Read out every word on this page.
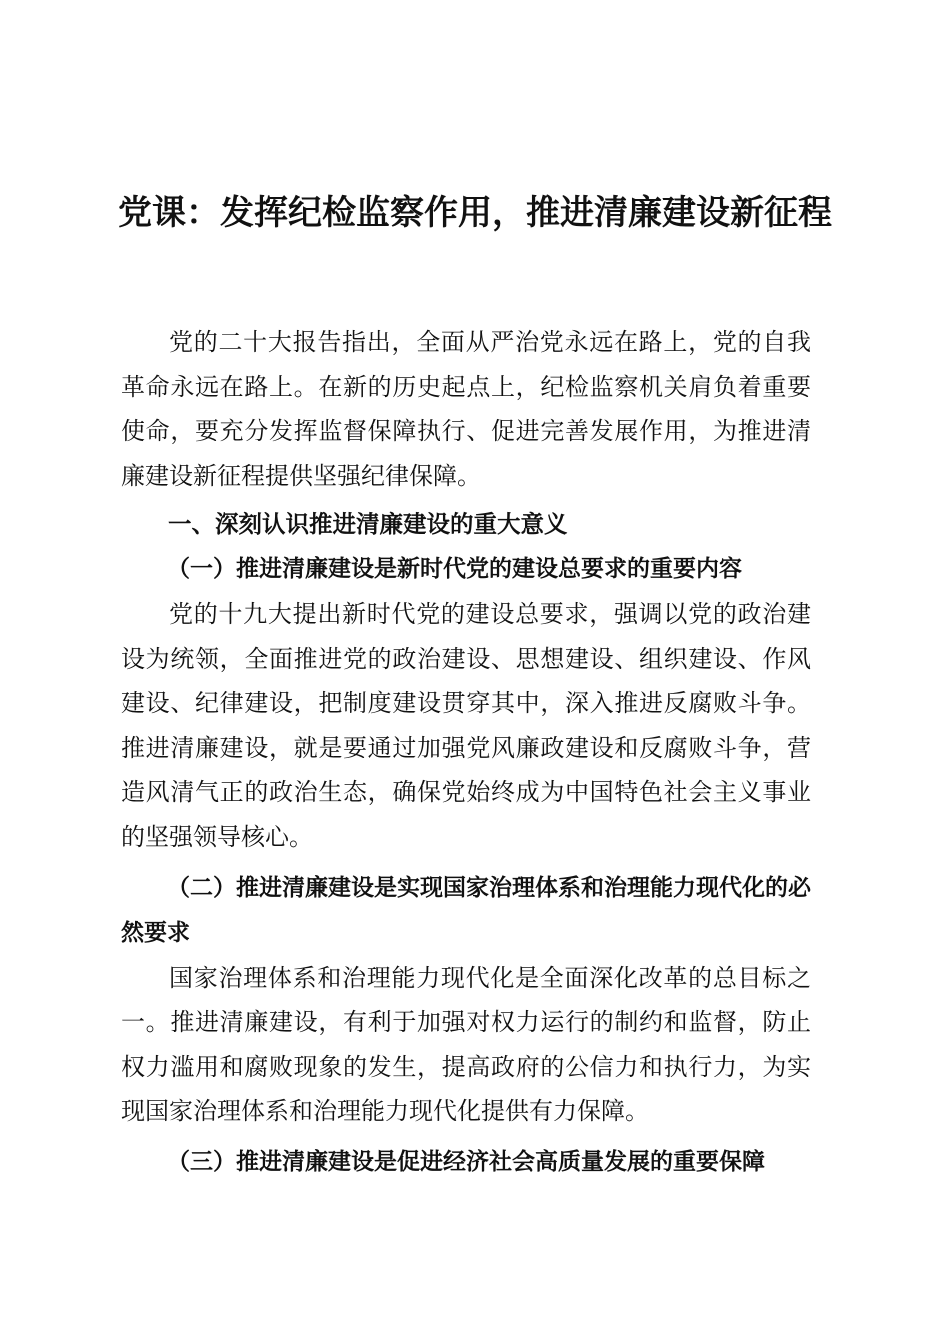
党课：发挥纪检监察作用，推进清廉建设新征程

党的二十大报告指出，全面从严治党永远在路上，党的自我革命永远在路上。在新的历史起点上，纪检监察机关肩负着重要使命，要充分发挥监督保障执行、促进完善发展作用，为推进清廉建设新征程提供坚强纪律保障。

一、深刻认识推进清廉建设的重大意义

（一）推进清廉建设是新时代党的建设总要求的重要内容

党的十九大提出新时代党的建设总要求，强调以党的政治建设为统领，全面推进党的政治建设、思想建设、组织建设、作风建设、纪律建设，把制度建设贯穿其中，深入推进反腐败斗争。推进清廉建设，就是要通过加强党风廉政建设和反腐败斗争，营造风清气正的政治生态，确保党始终成为中国特色社会主义事业的坚强领导核心。

（二）推进清廉建设是实现国家治理体系和治理能力现代化的必然要求

国家治理体系和治理能力现代化是全面深化改革的总目标之一。推进清廉建设，有利于加强对权力运行的制约和监督，防止权力滥用和腐败现象的发生，提高政府的公信力和执行力，为实现国家治理体系和治理能力现代化提供有力保障。

（三）推进清廉建设是促进经济社会高质量发展的重要保障
